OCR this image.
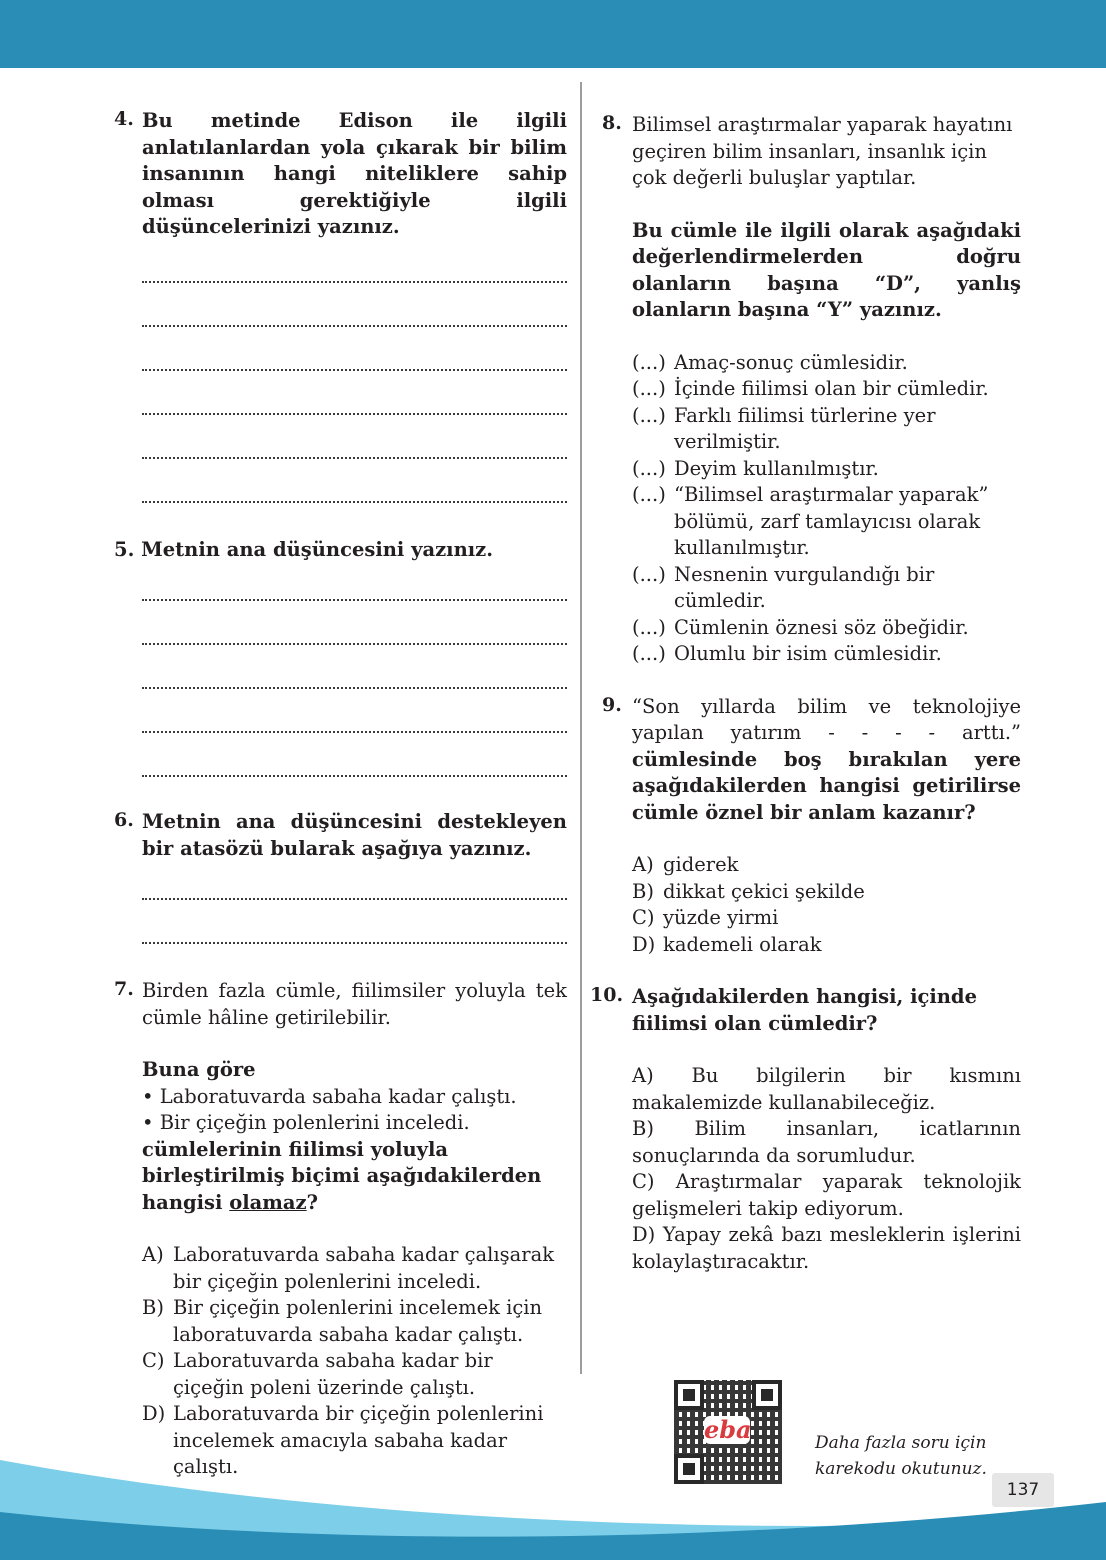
4. Bu metinde Edison ile ilgili anlatılanlardan yola çıkarak bir bilim insanının hangi niteliklere sahip olması gerektiğiyle ilgili düşüncelerinizi yazınız.
5. Metnin ana düşüncesini yazınız.
6. Metnin ana düşüncesini destekleyen bir atasözü bularak aşağıya yazınız.
7. Birden fazla cümle, fiilimsiler yoluyla tek cümle hâline getirilebilir.
Buna göre
• Laboratuvarda sabaha kadar çalıştı.
• Bir çiçeğin polenlerini inceledi.
cümlelerinin fiilimsi yoluyla birleştirilmiş biçimi aşağıdakilerden hangisi olamaz?
A) Laboratuvarda sabaha kadar çalışarak bir çiçeğin polenlerini inceledi.
B) Bir çiçeğin polenlerini incelemek için laboratuvarda sabaha kadar çalıştı.
C) Laboratuvarda sabaha kadar bir çiçeğin poleni üzerinde çalıştı.
D) Laboratuvarda bir çiçeğin polenlerini incelemek amacıyla sabaha kadar çalıştı.
8. Bilimsel araştırmalar yaparak hayatını geçiren bilim insanları, insanlık için çok değerli buluşlar yaptılar.
Bu cümle ile ilgili olarak aşağıdaki değerlendirmelerden doğru olanların başına “D”, yanlış olanların başına “Y” yazınız.
(...) Amaç-sonuç cümlesidir.
(...) İçinde fiilimsi olan bir cümledir.
(...) Farklı fiilimsi türlerine yer verilmiştir.
(...) Deyim kullanılmıştır.
(...) “Bilimsel araştırmalar yaparak” bölümü, zarf tamlayıcısı olarak kullanılmıştır.
(...) Nesnenin vurgulandığı bir cümledir.
(...) Cümlenin öznesi söz öbeğidir.
(...) Olumlu bir isim cümlesidir.
9. “Son yıllarda bilim ve teknolojiye yapılan yatırım - - - - arttı.” cümlesinde boş bırakılan yere aşağıdakilerden hangisi getirilirse cümle öznel bir anlam kazanır?
A) giderek
B) dikkat çekici şekilde
C) yüzde yirmi
D) kademeli olarak
10. Aşağıdakilerden hangisi, içinde fiilimsi olan cümledir?
A) Bu bilgilerin bir kısmını makalemizde kullanabileceğiz.
B) Bilim insanları, icatlarının sonuçlarında da sorumludur.
C) Araştırmalar yaparak teknolojik gelişmeleri takip ediyorum.
D) Yapay zekâ bazı mesleklerin işlerini kolaylaştıracaktır.
eba	Daha fazla soru için karekodu okutunuz.
137
